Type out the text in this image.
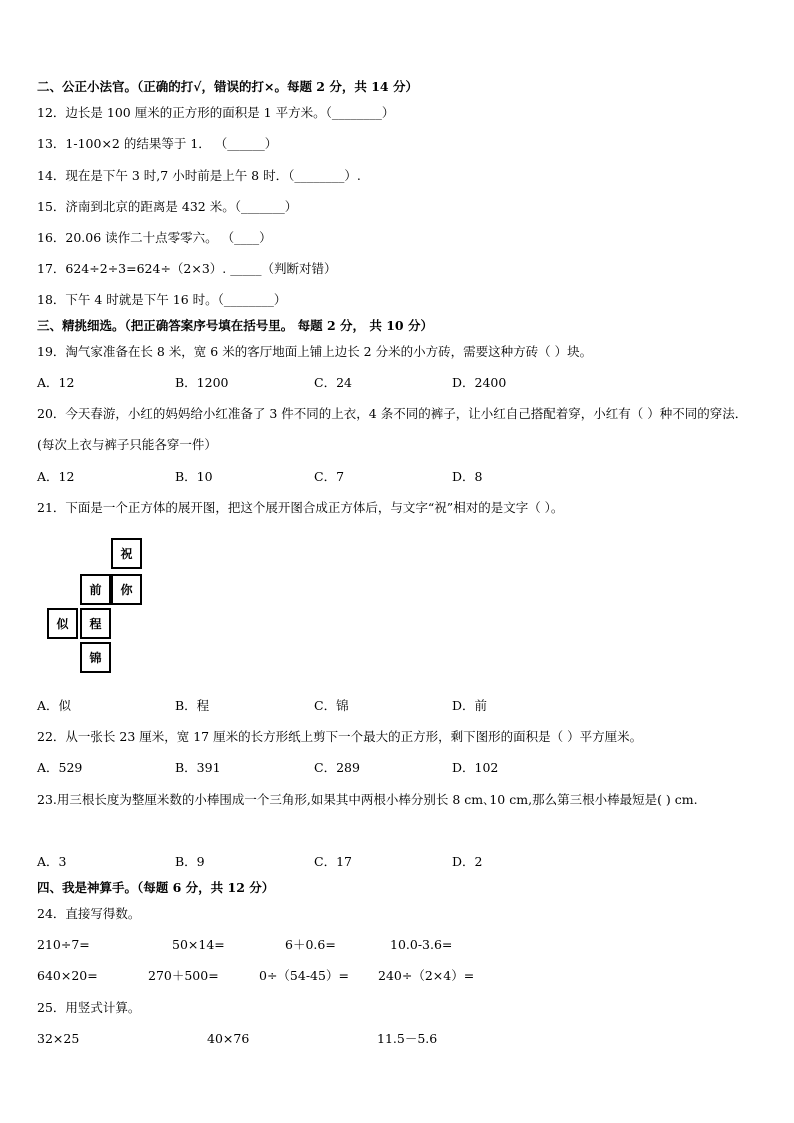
二、公正小法官。（正确的打√，错误的打×。每题 2 分，共 14 分）
12．边长是 100 厘米的正方形的面积是 1 平方米。（________）
13．1-100×2 的结果等于 1． （______）
14．现在是下午 3 时,7 小时前是上午 8 时．（________）.
15．济南到北京的距离是 432 米。（_______）
16．20.06 读作二十点零零六。 （____）
17．624÷2÷3=624÷（2×3）. _____（判断对错）
18．下午 4 时就是下午 16 时。（________）
三、精挑细选。（把正确答案序号填在括号里。 每题 2 分， 共 10 分）
19．淘气家准备在长 8 米，宽 6 米的客厅地面上铺上边长 2 分米的小方砖，需要这种方砖（ ）块。
A．12	B．1200	C．24	D．2400
20．今天春游，小红的妈妈给小红准备了 3 件不同的上衣，4 条不同的裤子，让小红自己搭配着穿，小红有（ ）种不同的穿法．(每次上衣与裤子只能各穿一件）
A．12	B．10	C．7	D．8
21．下面是一个正方体的展开图，把这个展开图合成正方体后，与文字“祝”相对的是文字（ ）。
祝
前	你
似	程
锦
A．似	B．程	C．锦	D．前
22．从一张长 23 厘米，宽 17 厘米的长方形纸上剪下一个最大的正方形，剩下图形的面积是（ ）平方厘米。
A．529	B．391	C．289	D．102
23.用三根长度为整厘米数的小棒围成一个三角形,如果其中两根小棒分别长 8 cm､10 cm,那么第三根小棒最短是( ) cm.
A．3	B．9	C．17	D．2
四、我是神算手。（每题 6 分，共 12 分）
24．直接写得数。
210÷7=	50×14=	6＋0.6=	10.0-3.6=
640×20=	270＋500=	0÷（54-45）= 240÷（2×4）=
25．用竖式计算。
32×25	40×76	11.5－5.6
